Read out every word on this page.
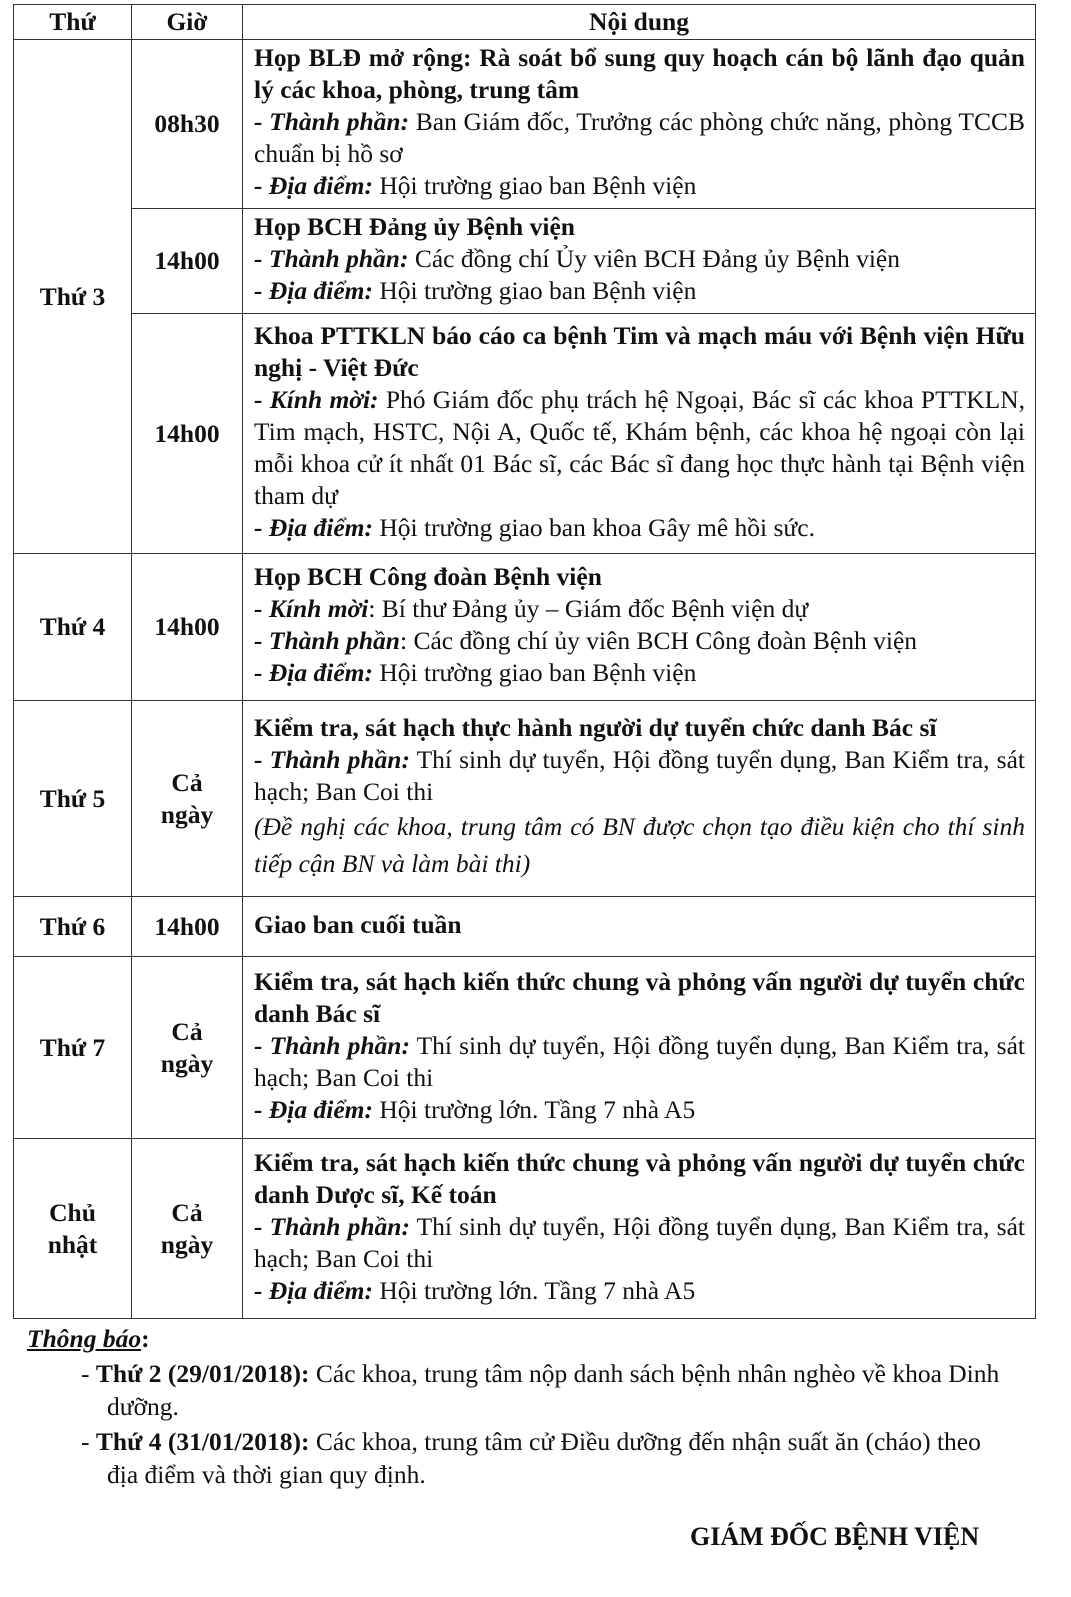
Thứ	Giờ	Nội dung
Thứ 3	08h30	Họp BLĐ mở rộng: Rà soát bổ sung quy hoạch cán bộ lãnh đạo quản lý các khoa, phòng, trung tâm
- Thành phần: Ban Giám đốc, Trưởng các phòng chức năng, phòng TCCB chuẩn bị hồ sơ
- Địa điểm: Hội trường giao ban Bệnh viện

	14h00	Họp BCH Đảng ủy Bệnh viện
- Thành phần: Các đồng chí Ủy viên BCH Đảng ủy Bệnh viện
- Địa điểm: Hội trường giao ban Bệnh viện

	14h00	Khoa PTTKLN báo cáo ca bệnh Tim và mạch máu với Bệnh viện Hữu nghị - Việt Đức
- Kính mời: Phó Giám đốc phụ trách hệ Ngoại, Bác sĩ các khoa PTTKLN, Tim mạch, HSTC, Nội A, Quốc tế, Khám bệnh, các khoa hệ ngoại còn lại mỗi khoa cử ít nhất 01 Bác sĩ, các Bác sĩ đang học thực hành tại Bệnh viện tham dự
- Địa điểm: Hội trường giao ban khoa Gây mê hồi sức.

Thứ 4	14h00	Họp BCH Công đoàn Bệnh viện
- Kính mời: Bí thư Đảng ủy – Giám đốc Bệnh viện dự
- Thành phần: Các đồng chí ủy viên BCH Công đoàn Bệnh viện
- Địa điểm: Hội trường giao ban Bệnh viện

Thứ 5	Cả ngày	Kiểm tra, sát hạch thực hành người dự tuyển chức danh Bác sĩ
- Thành phần: Thí sinh dự tuyển, Hội đồng tuyển dụng, Ban Kiểm tra, sát hạch; Ban Coi thi
(Đề nghị các khoa, trung tâm có BN được chọn tạo điều kiện cho thí sinh tiếp cận BN và làm bài thi)

Thứ 6	14h00	Giao ban cuối tuần

Thứ 7	Cả ngày	Kiểm tra, sát hạch kiến thức chung và phỏng vấn người dự tuyển chức danh Bác sĩ
- Thành phần: Thí sinh dự tuyển, Hội đồng tuyển dụng, Ban Kiểm tra, sát hạch; Ban Coi thi
- Địa điểm: Hội trường lớn. Tầng 7 nhà A5

Chủ nhật	Cả ngày	Kiểm tra, sát hạch kiến thức chung và phỏng vấn người dự tuyển chức danh Dược sĩ, Kế toán
- Thành phần: Thí sinh dự tuyển, Hội đồng tuyển dụng, Ban Kiểm tra, sát hạch; Ban Coi thi
- Địa điểm: Hội trường lớn. Tầng 7 nhà A5
Thông báo:
- Thứ 2 (29/01/2018): Các khoa, trung tâm nộp danh sách bệnh nhân nghèo về khoa Dinh dưỡng.
- Thứ 4 (31/01/2018): Các khoa, trung tâm cử Điều dưỡng đến nhận suất ăn (cháo) theo địa điểm và thời gian quy định.
GIÁM ĐỐC BỆNH VIỆN
